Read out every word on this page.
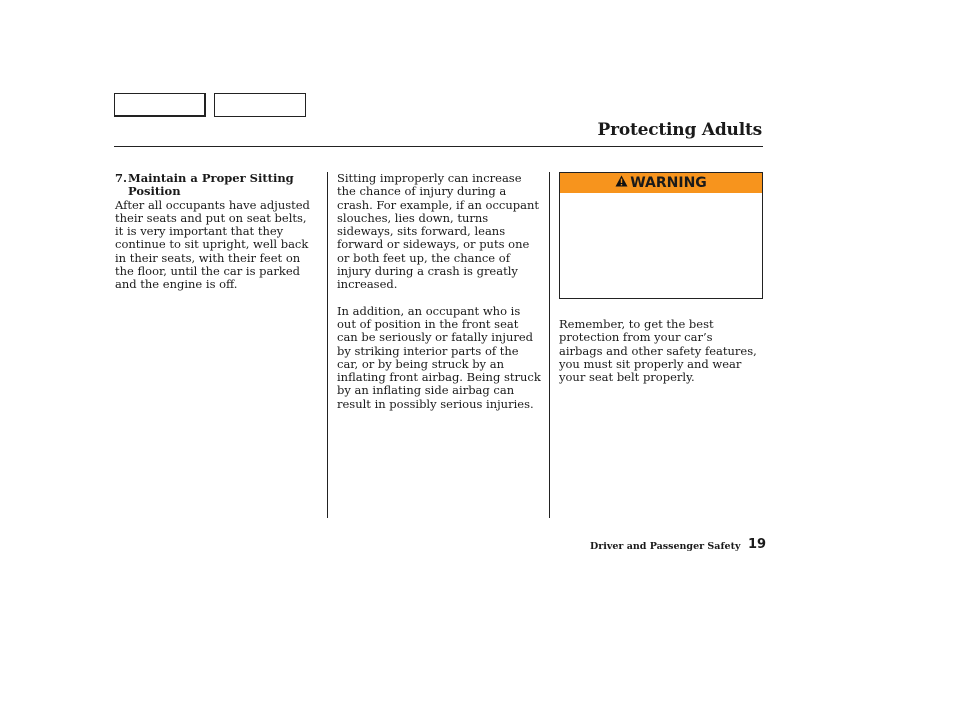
Protecting Adults
7. Maintain a Proper Sitting Position

After all occupants have adjusted their seats and put on seat belts, it is very important that they continue to sit upright, well back in their seats, with their feet on the floor, until the car is parked and the engine is off.

Sitting improperly can increase the chance of injury during a crash. For example, if an occupant slouches, lies down, turns sideways, sits forward, leans forward or sideways, or puts one or both feet up, the chance of injury during a crash is greatly increased.

In addition, an occupant who is out of position in the front seat can be seriously or fatally injured by striking interior parts of the car, or by being struck by an inflating front airbag. Being struck by an inflating side airbag can result in possibly serious injuries.

WARNING

Remember, to get the best protection from your car’s airbags and other safety features, you must sit properly and wear your seat belt properly.

Driver and Passenger Safety 19
